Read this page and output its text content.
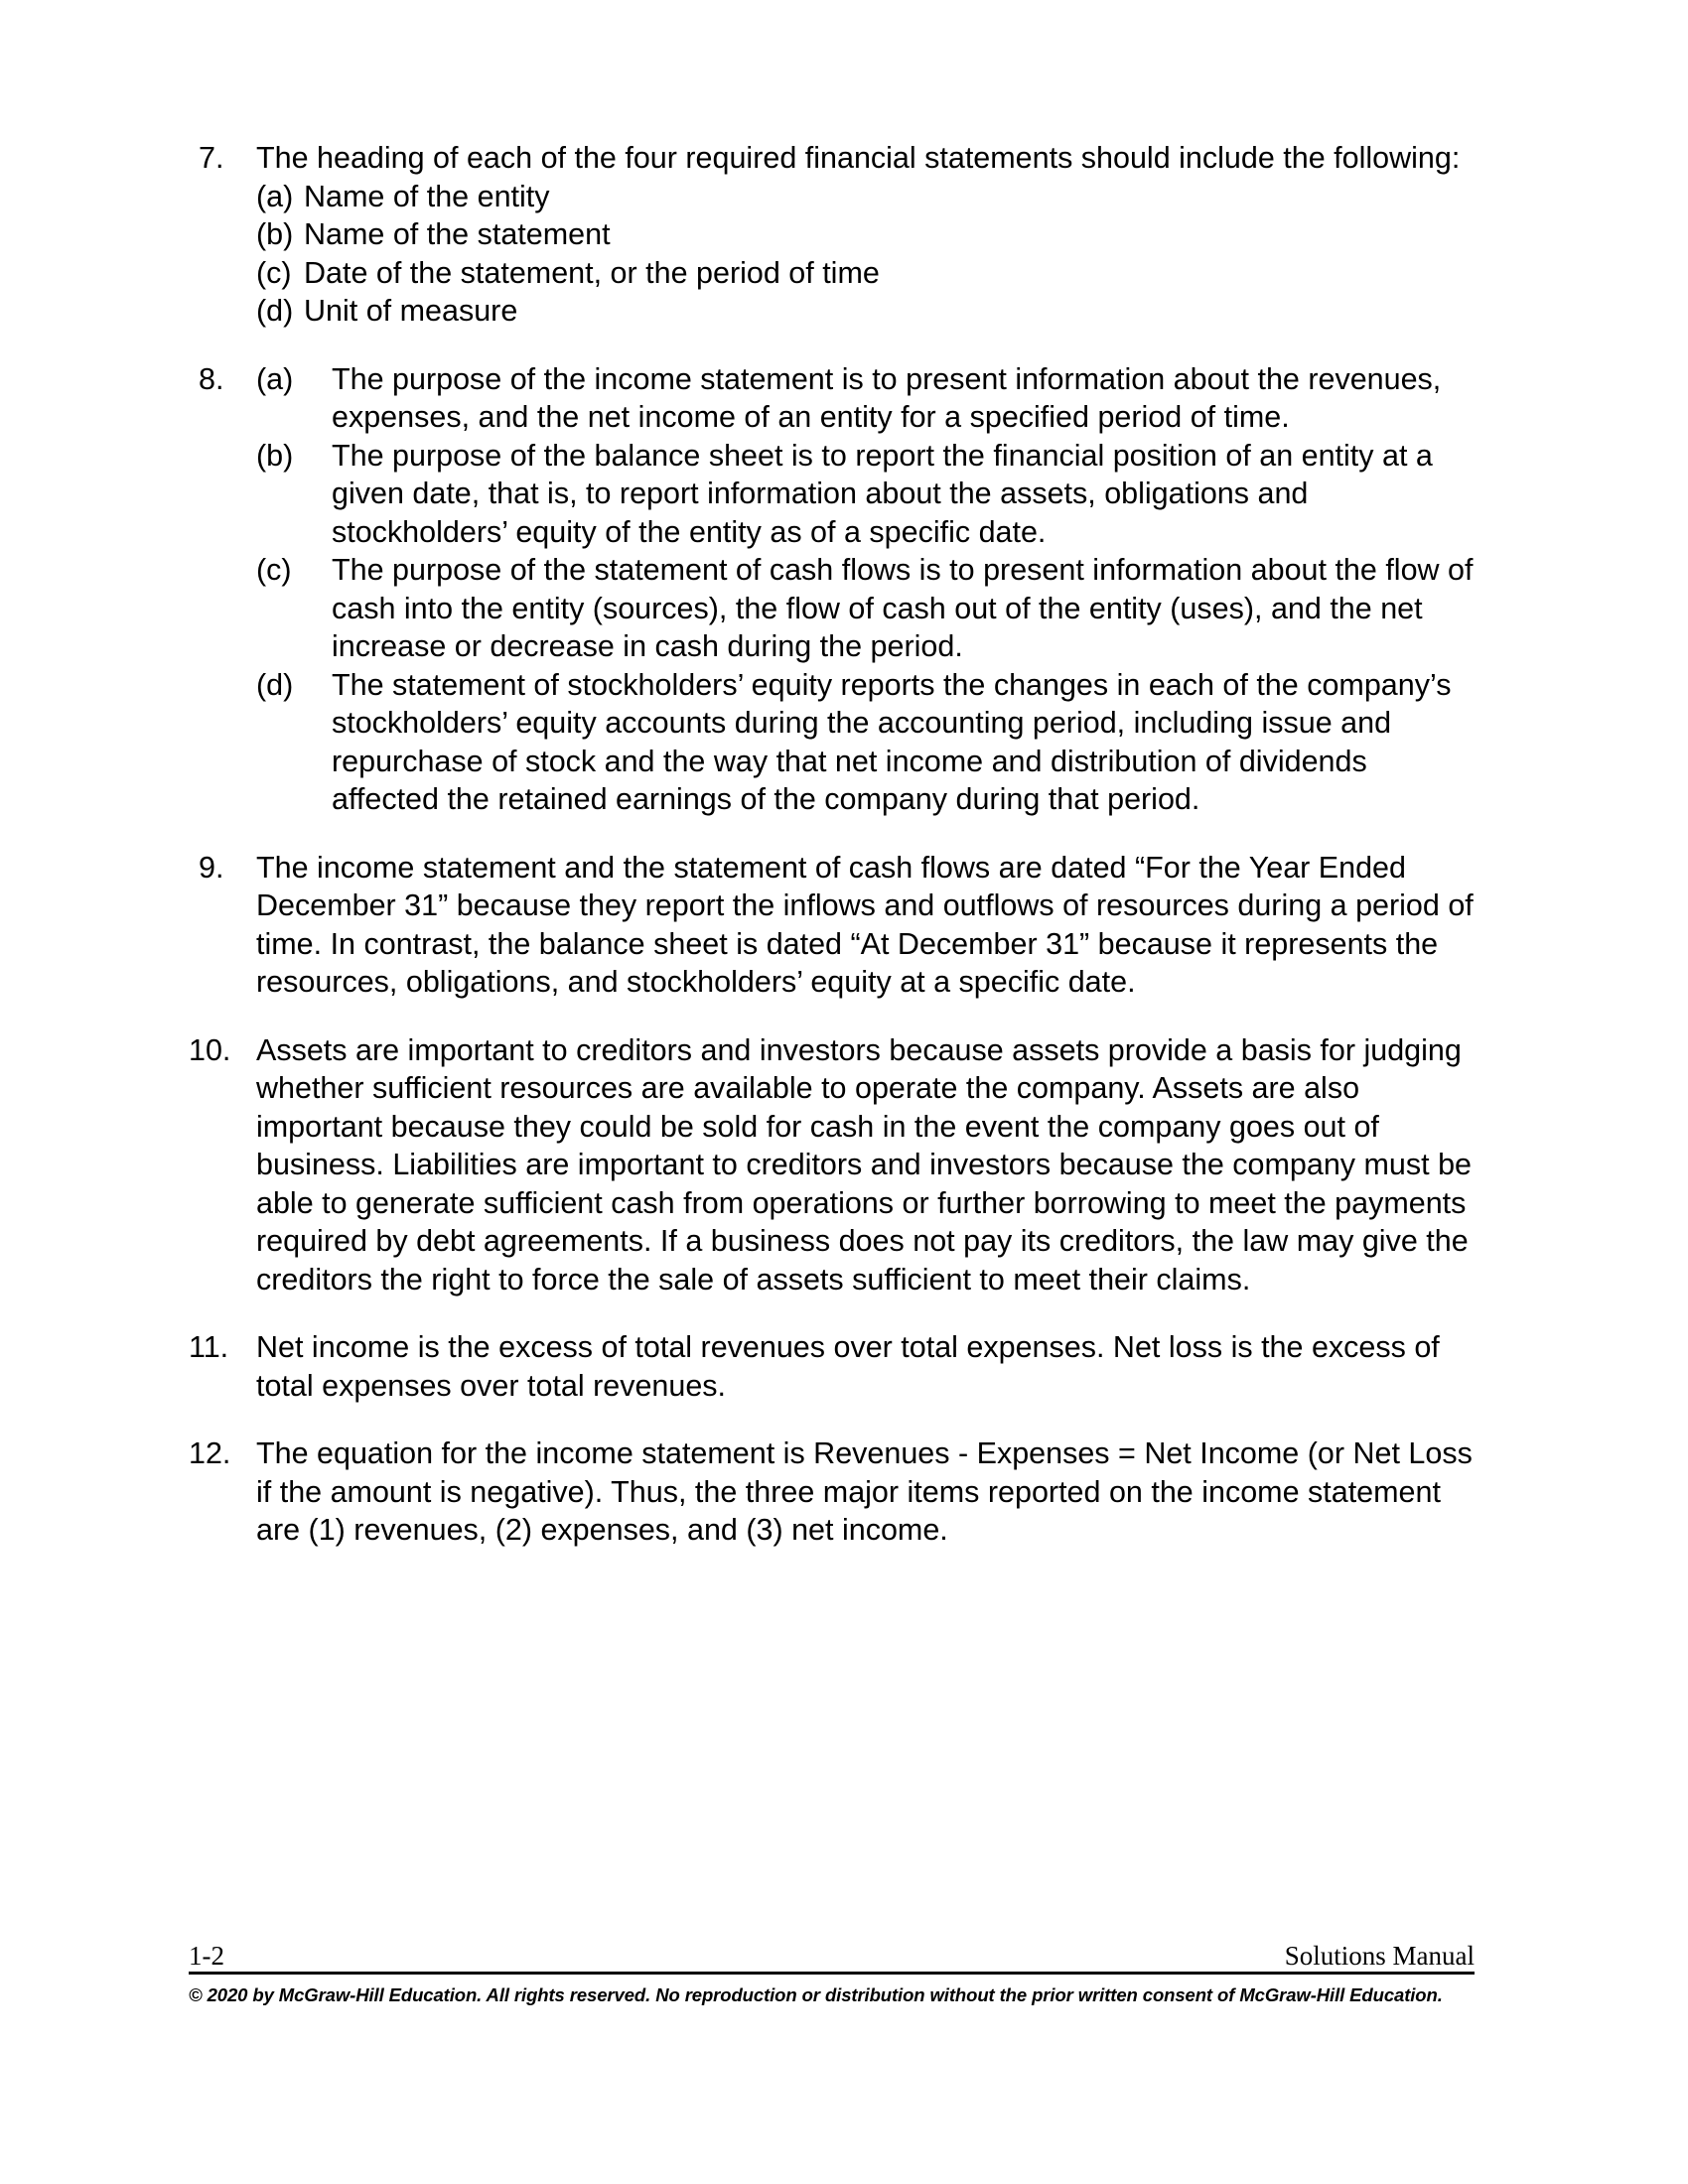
7.	The heading of each of the four required financial statements should include the following:
(a) Name of the entity
(b) Name of the statement
(c) Date of the statement, or the period of time
(d) Unit of measure
8.	(a)	The purpose of the income statement is to present information about the revenues, expenses, and the net income of an entity for a specified period of time.
(b)	The purpose of the balance sheet is to report the financial position of an entity at a given date, that is, to report information about the assets, obligations and stockholders’ equity of the entity as of a specific date.
(c)	The purpose of the statement of cash flows is to present information about the flow of cash into the entity (sources), the flow of cash out of the entity (uses), and the net increase or decrease in cash during the period.
(d)	The statement of stockholders’ equity reports the changes in each of the company’s stockholders’ equity accounts during the accounting period, including issue and repurchase of stock and the way that net income and distribution of dividends affected the retained earnings of the company during that period.
9.	The income statement and the statement of cash flows are dated “For the Year Ended December 31” because they report the inflows and outflows of resources during a period of time. In contrast, the balance sheet is dated “At December 31” because it represents the resources, obligations, and stockholders’ equity at a specific date.
10. Assets are important to creditors and investors because assets provide a basis for judging whether sufficient resources are available to operate the company. Assets are also important because they could be sold for cash in the event the company goes out of business. Liabilities are important to creditors and investors because the company must be able to generate sufficient cash from operations or further borrowing to meet the payments required by debt agreements. If a business does not pay its creditors, the law may give the creditors the right to force the sale of assets sufficient to meet their claims.
11. Net income is the excess of total revenues over total expenses. Net loss is the excess of total expenses over total revenues.
12. The equation for the income statement is Revenues - Expenses = Net Income (or Net Loss if the amount is negative). Thus, the three major items reported on the income statement are (1) revenues, (2) expenses, and (3) net income.
1-2	Solutions Manual
© 2020 by McGraw-Hill Education. All rights reserved. No reproduction or distribution without the prior written consent of McGraw-Hill Education.
